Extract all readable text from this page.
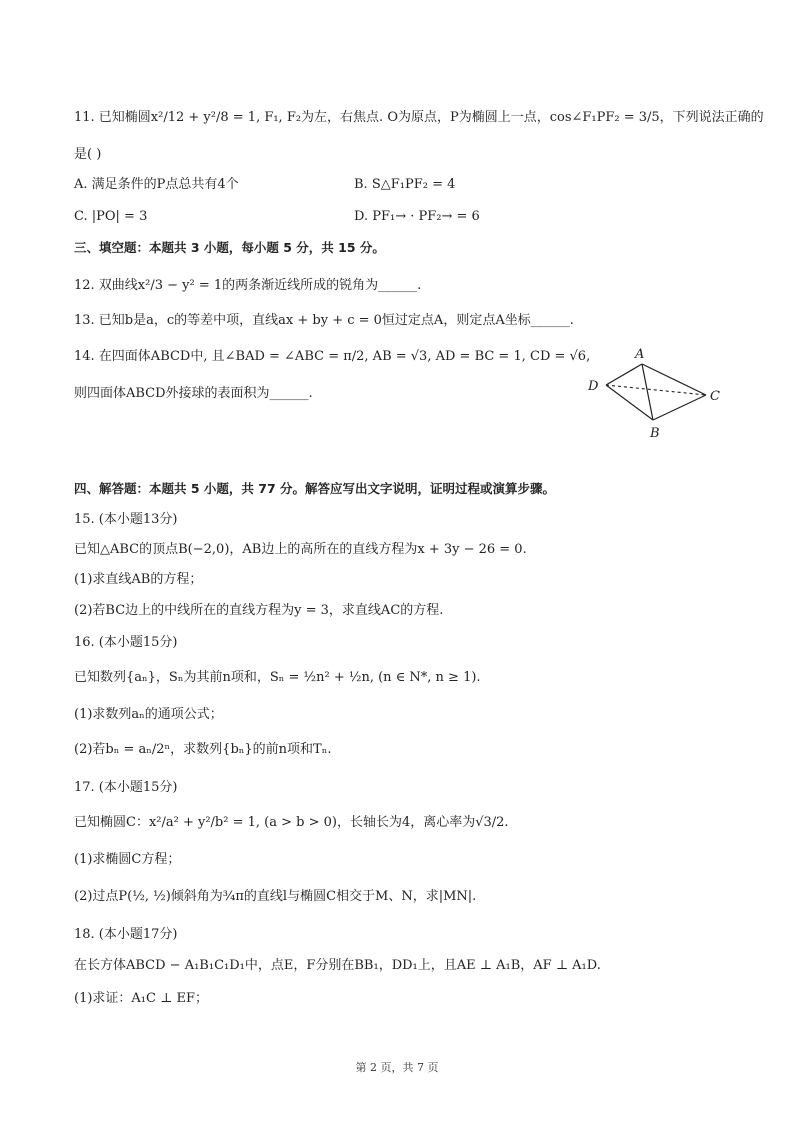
11. 已知椭圆x²/12 + y²/8 = 1, F₁, F₂为左，右焦点. O为原点，P为椭圆上一点，cos∠F₁PF₂ = 3/5，下列说法正确的
是( )
A. 满足条件的P点总共有4个	B. S△F₁PF₂ = 4
C. |PO| = 3	D. PF₁→ · PF₂→ = 6
三、填空题：本题共 3 小题，每小题 5 分，共 15 分。
12. 双曲线x²/3 − y² = 1的两条渐近线所成的锐角为______.
13. 已知b是a，c的等差中项，直线ax + by + c = 0恒过定点A，则定点A坐标______.
14. 在四面体ABCD中, 且∠BAD = ∠ABC = π/2, AB = √3, AD = BC = 1, CD = √6,
则四面体ABCD外接球的表面积为______.
A
D
C
B
四、解答题：本题共 5 小题，共 77 分。解答应写出文字说明，证明过程或演算步骤。
15. (本小题13分)
已知△ABC的顶点B(−2,0)，AB边上的高所在的直线方程为x + 3y − 26 = 0.
(1)求直线AB的方程；
(2)若BC边上的中线所在的直线方程为y = 3，求直线AC的方程.
16. (本小题15分)
已知数列{aₙ}，Sₙ为其前n项和，Sₙ = ½n² + ½n, (n ∈ N*, n ≥ 1).
(1)求数列aₙ的通项公式；
(2)若bₙ = aₙ/2ⁿ，求数列{bₙ}的前n项和Tₙ.
17. (本小题15分)
已知椭圆C：x²/a² + y²/b² = 1, (a > b > 0)，长轴长为4，离心率为√3/2.
(1)求椭圆C方程；
(2)过点P(½, ½)倾斜角为¾π的直线l与椭圆C相交于M、N，求|MN|.
18. (本小题17分)
在长方体ABCD − A₁B₁C₁D₁中，点E，F分别在BB₁，DD₁上，且AE ⊥ A₁B，AF ⊥ A₁D.
(1)求证：A₁C ⊥ EF；
第 2 页，共 7 页
